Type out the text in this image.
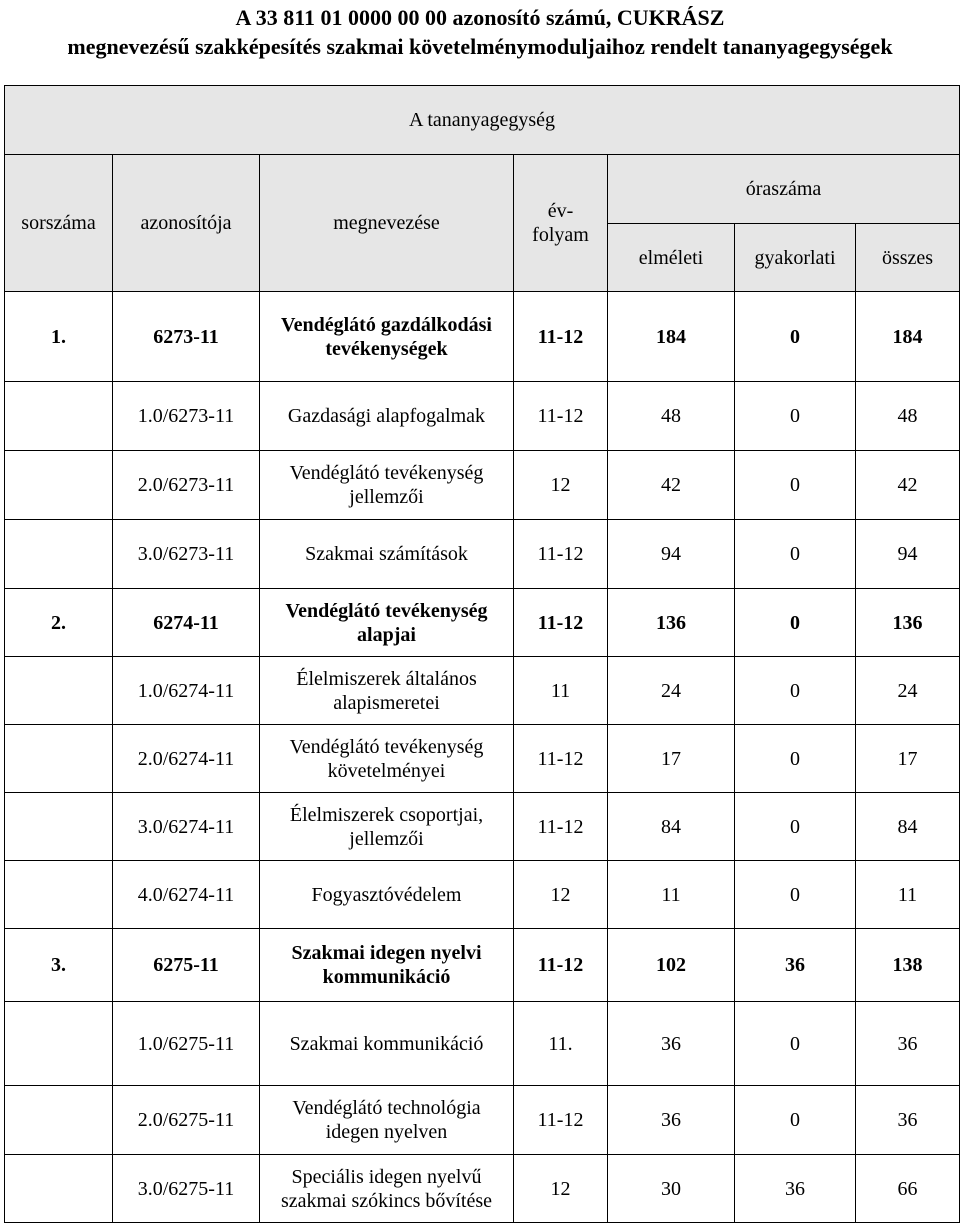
A 33 811 01 0000 00 00 azonosító számú, CUKRÁSZ
megnevezésű szakképesítés szakmai követelménymoduljaihoz rendelt tananyagegységek
A tananyagegység						
sorszáma	azonosítója	megnevezése	év-folyam	óraszáma		
				elméleti	gyakorlati	összes
1.	6273-11	Vendéglátó gazdálkodási tevékenységek	11-12	184	0	184
	1.0/6273-11	Gazdasági alapfogalmak	11-12	48	0	48
	2.0/6273-11	Vendéglátó tevékenység jellemzői	12	42	0	42
	3.0/6273-11	Szakmai számítások	11-12	94	0	94
2.	6274-11	Vendéglátó tevékenység alapjai	11-12	136	0	136
	1.0/6274-11	Élelmiszerek általános alapismeretei	11	24	0	24
	2.0/6274-11	Vendéglátó tevékenység követelményei	11-12	17	0	17
	3.0/6274-11	Élelmiszerek csoportjai, jellemzői	11-12	84	0	84
	4.0/6274-11	Fogyasztóvédelem	12	11	0	11
3.	6275-11	Szakmai idegen nyelvi kommunikáció	11-12	102	36	138
	1.0/6275-11	Szakmai kommunikáció	11.	36	0	36
	2.0/6275-11	Vendéglátó technológia idegen nyelven	11-12	36	0	36
	3.0/6275-11	Speciális idegen nyelvű szakmai szókincs bővítése	12	30	36	66
